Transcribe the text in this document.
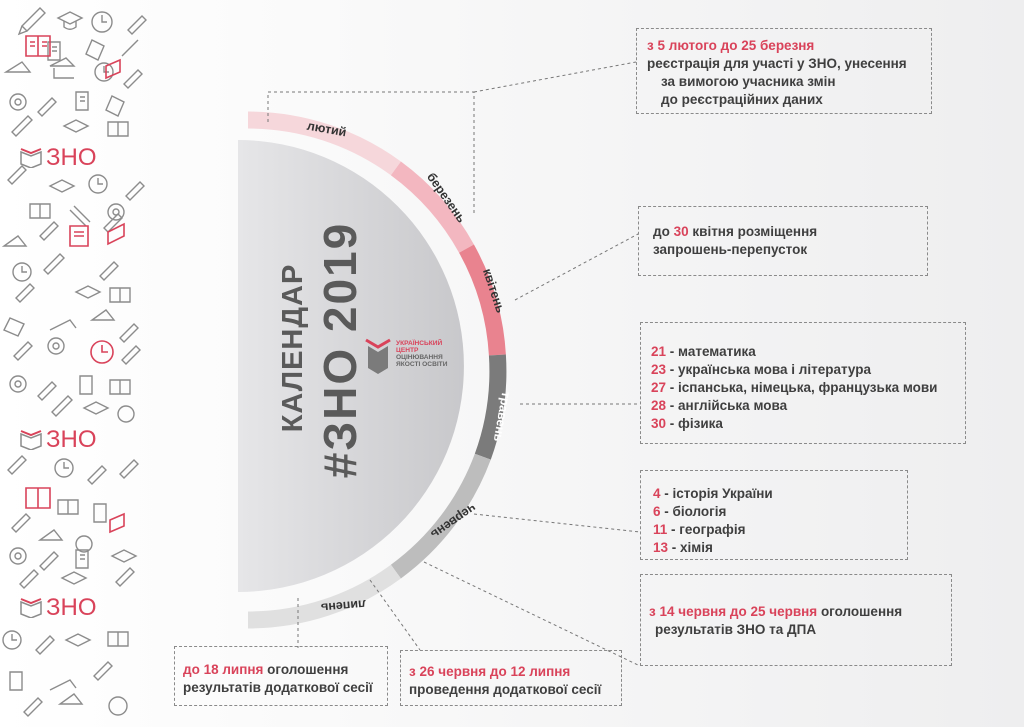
ЗНО
ЗНО
ЗНО
лютий
березень
квітень
травень
червень
липень
КАЛЕНДАР #ЗНО 2019	УКРАЇНСЬКИЙ
ЦЕНТР
ОЦІНЮВАННЯ
ЯКОСТІ ОСВІТИ
з 5 лютого до 25 березня
реєстрація для участі у ЗНО, унесення
за вимогою учасника змін
до реєстраційних даних
до 30 квітня розміщення
запрошень-перепусток
21 - математика
23 - українська мова і література
27 - іспанська, німецька, французька мови
28 - англійська мова
30 - фізика
4 - історія України
6 - біологія
11 - географія
13 - хімія
з 14 червня до 25 червня оголошення
результатів ЗНО та ДПА
з 26 червня до 12 липня
проведення додаткової сесії
до 18 липня оголошення
результатів додаткової сесії
